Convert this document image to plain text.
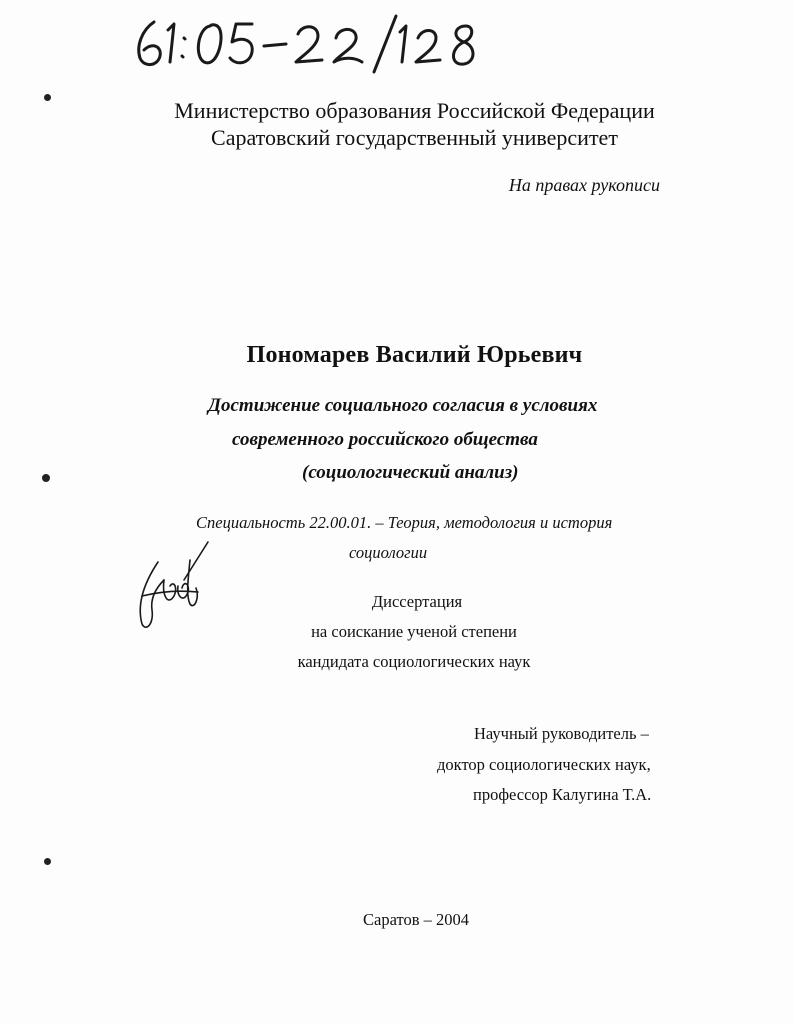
Министерство образования Российской Федерации
Саратовский государственный университет
На правах рукописи
Пономарев Василий Юрьевич
Достижение социального согласия в условиях
современного российского общества
(социологический анализ)
Специальность 22.00.01. – Теория, методология и история
социологии
Диссертация
на соискание ученой степени
кандидата социологических наук
Научный руководитель –
доктор социологических наук,
профессор Калугина Т.А.
Саратов – 2004
